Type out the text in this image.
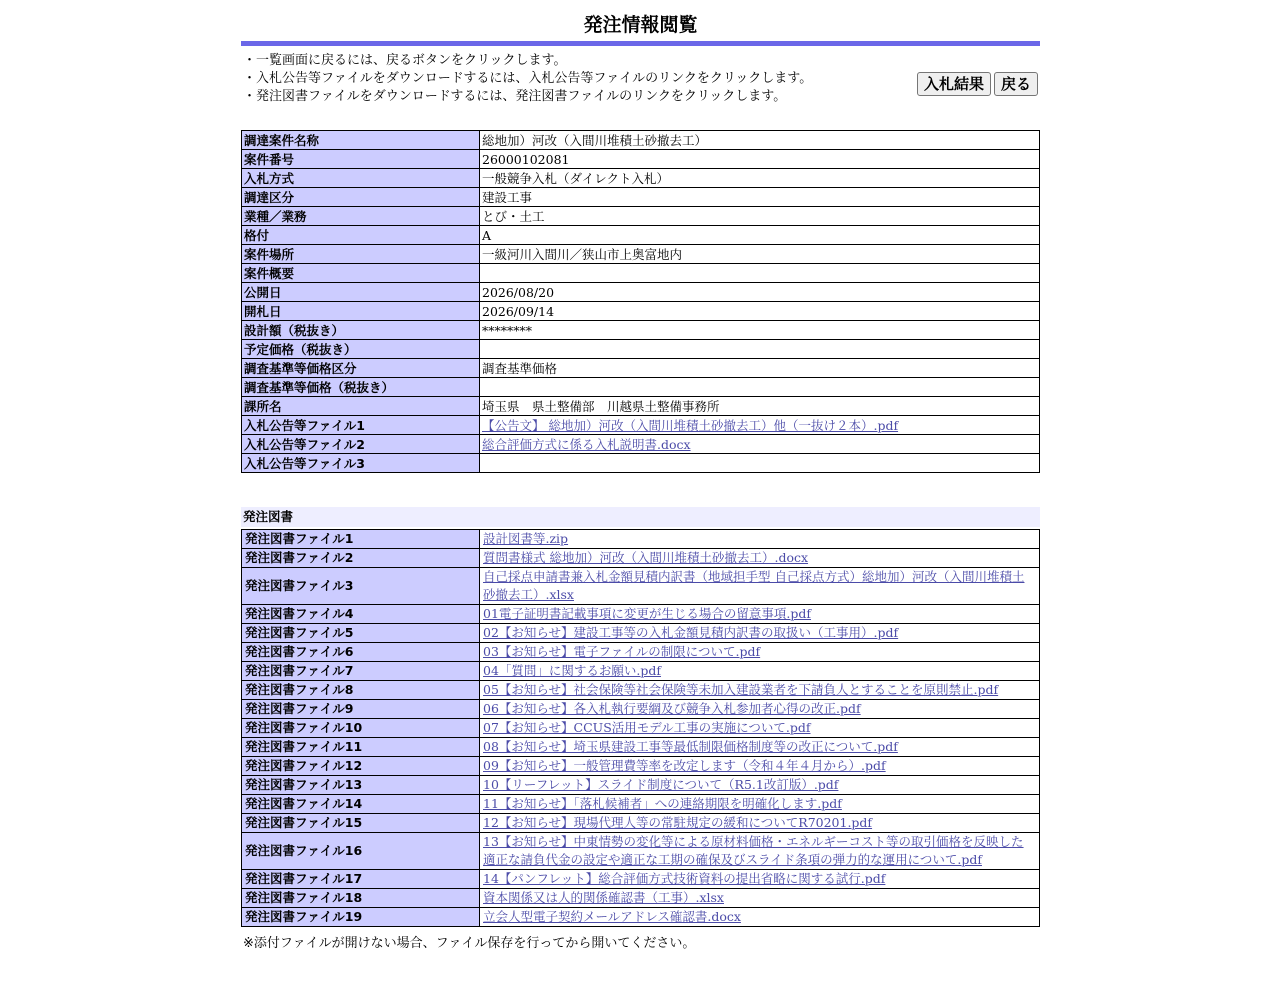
発注情報閲覧
・一覧画面に戻るには、戻るボタンをクリックします。
・入札公告等ファイルをダウンロードするには、入札公告等ファイルのリンクをクリックします。
・発注図書ファイルをダウンロードするには、発注図書ファイルのリンクをクリックします。
入札結果	戻る
調達案件名称	総地加）河改（入間川堆積土砂撤去工）
案件番号	26000102081
入札方式	一般競争入札（ダイレクト入札）
調達区分	建設工事
業種／業務	とび・土工
格付	A
案件場所	一級河川入間川／狭山市上奥富地内
案件概要	
公開日	2026/08/20
開札日	2026/09/14
設計額（税抜き）	********
予定価格（税抜き）	
調査基準等価格区分	調査基準価格
調査基準等価格（税抜き）	
課所名	埼玉県　県土整備部　川越県土整備事務所
入札公告等ファイル1	【公告文】 総地加）河改（入間川堆積土砂撤去工）他（一抜け２本）.pdf
入札公告等ファイル2	総合評価方式に係る入札説明書.docx
入札公告等ファイル3	
発注図書
発注図書ファイル1	設計図書等.zip
発注図書ファイル2	質問書様式 総地加）河改（入間川堆積土砂撤去工）.docx
発注図書ファイル3	自己採点申請書兼入札金額見積内訳書（地域担手型 自己採点方式）総地加）河改（入間川堆積土砂撤去工）.xlsx
発注図書ファイル4	01電子証明書記載事項に変更が生じる場合の留意事項.pdf
発注図書ファイル5	02【お知らせ】建設工事等の入札金額見積内訳書の取扱い（工事用）.pdf
発注図書ファイル6	03【お知らせ】電子ファイルの制限について.pdf
発注図書ファイル7	04「質問」に関するお願い.pdf
発注図書ファイル8	05【お知らせ】社会保険等社会保険等未加入建設業者を下請負人とすることを原則禁止.pdf
発注図書ファイル9	06【お知らせ】各入札執行要綱及び競争入札参加者心得の改正.pdf
発注図書ファイル10	07【お知らせ】CCUS活用モデル工事の実施について.pdf
発注図書ファイル11	08【お知らせ】埼玉県建設工事等最低制限価格制度等の改正について.pdf
発注図書ファイル12	09【お知らせ】一般管理費等率を改定します（令和４年４月から）.pdf
発注図書ファイル13	10【リーフレット】スライド制度について（R5.1改訂版）.pdf
発注図書ファイル14	11【お知らせ】「落札候補者」への連絡期限を明確化します.pdf
発注図書ファイル15	12【お知らせ】現場代理人等の常駐規定の緩和についてR70201.pdf
発注図書ファイル16	13【お知らせ】中東情勢の変化等による原材料価格・エネルギーコスト等の取引価格を反映した適正な請負代金の設定や適正な工期の確保及びスライド条項の弾力的な運用について.pdf
発注図書ファイル17	14【パンフレット】総合評価方式技術資料の提出省略に関する試行.pdf
発注図書ファイル18	資本関係又は人的関係確認書（工事）.xlsx
発注図書ファイル19	立会人型電子契約メールアドレス確認書.docx
※添付ファイルが開けない場合、ファイル保存を行ってから開いてください。
